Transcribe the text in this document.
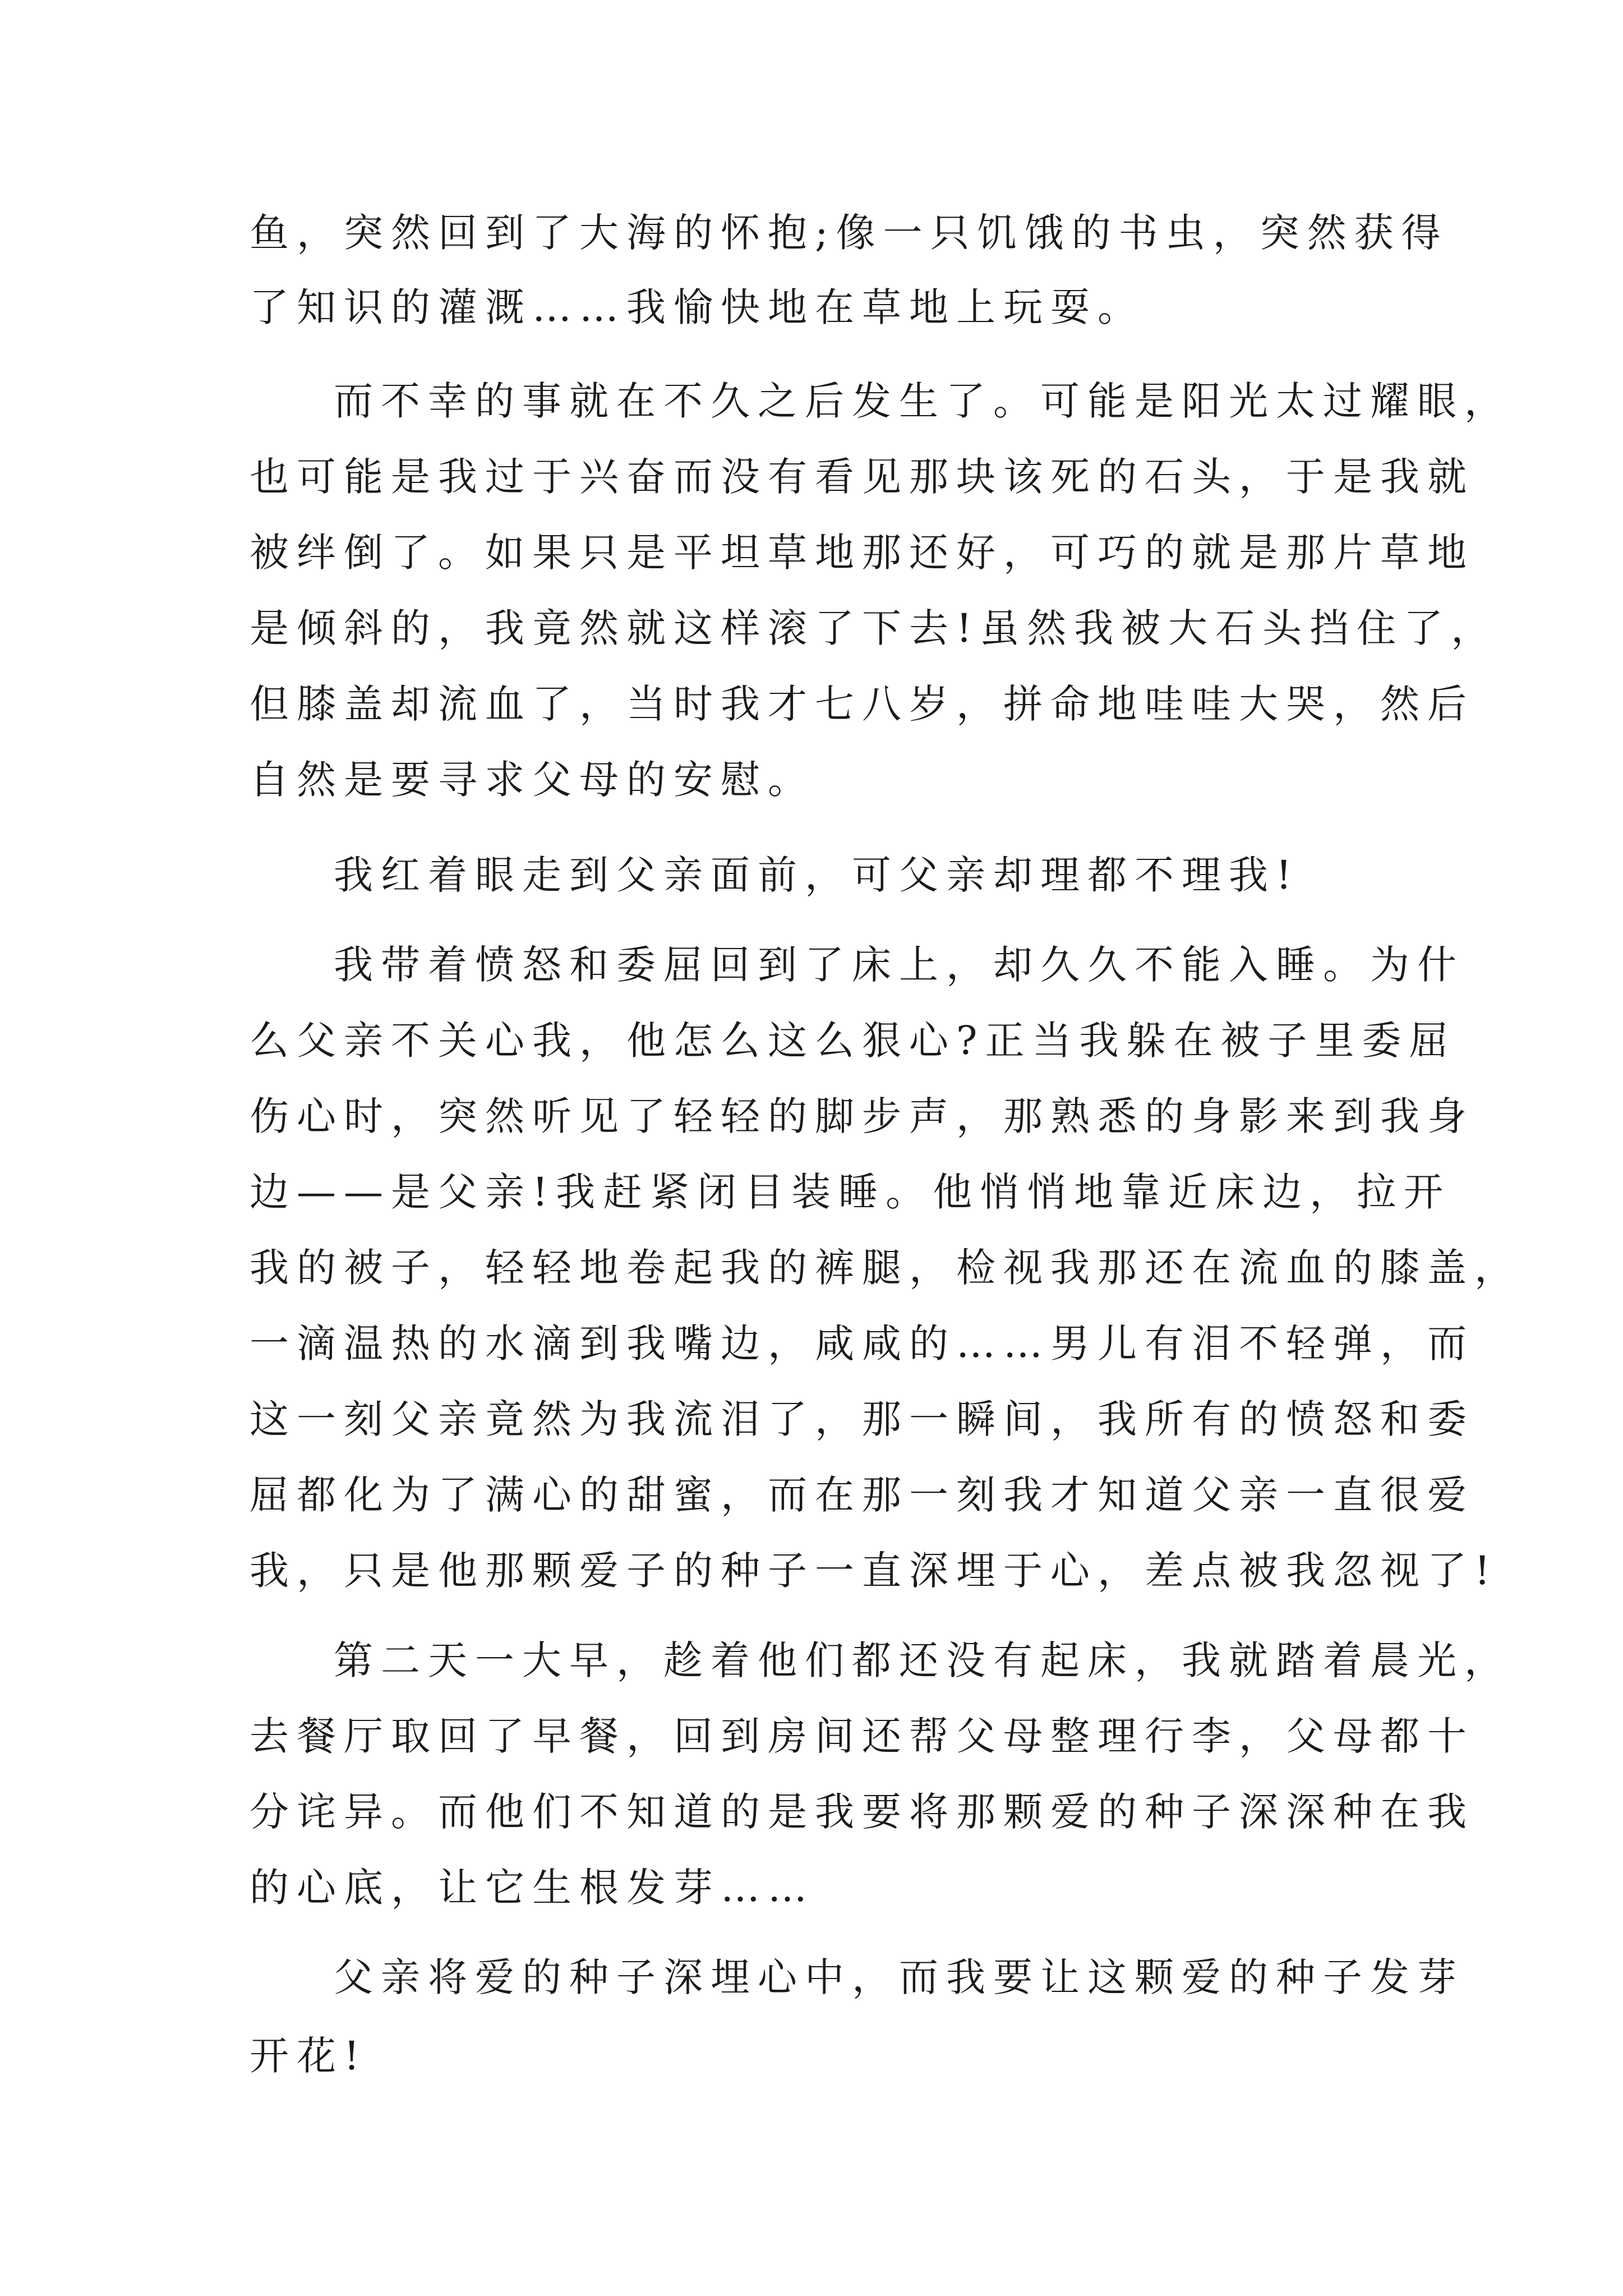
鱼，突然回到了大海的怀抱;像一只饥饿的书虫，突然获得
了知识的灌溉……我愉快地在草地上玩耍。
而不幸的事就在不久之后发生了。可能是阳光太过耀眼，
也可能是我过于兴奋而没有看见那块该死的石头，于是我就
被绊倒了。如果只是平坦草地那还好，可巧的就是那片草地
是倾斜的，我竟然就这样滚了下去!虽然我被大石头挡住了，
但膝盖却流血了，当时我才七八岁，拼命地哇哇大哭，然后
自然是要寻求父母的安慰。
我红着眼走到父亲面前，可父亲却理都不理我!
我带着愤怒和委屈回到了床上，却久久不能入睡。为什
么父亲不关心我，他怎么这么狠心?正当我躲在被子里委屈
伤心时，突然听见了轻轻的脚步声，那熟悉的身影来到我身
边——是父亲!我赶紧闭目装睡。他悄悄地靠近床边，拉开
我的被子，轻轻地卷起我的裤腿，检视我那还在流血的膝盖，
一滴温热的水滴到我嘴边，咸咸的……男儿有泪不轻弹，而
这一刻父亲竟然为我流泪了，那一瞬间，我所有的愤怒和委
屈都化为了满心的甜蜜，而在那一刻我才知道父亲一直很爱
我，只是他那颗爱子的种子一直深埋于心，差点被我忽视了!
第二天一大早，趁着他们都还没有起床，我就踏着晨光，
去餐厅取回了早餐，回到房间还帮父母整理行李，父母都十
分诧异。而他们不知道的是我要将那颗爱的种子深深种在我
的心底，让它生根发芽……
父亲将爱的种子深埋心中，而我要让这颗爱的种子发芽
开花!
